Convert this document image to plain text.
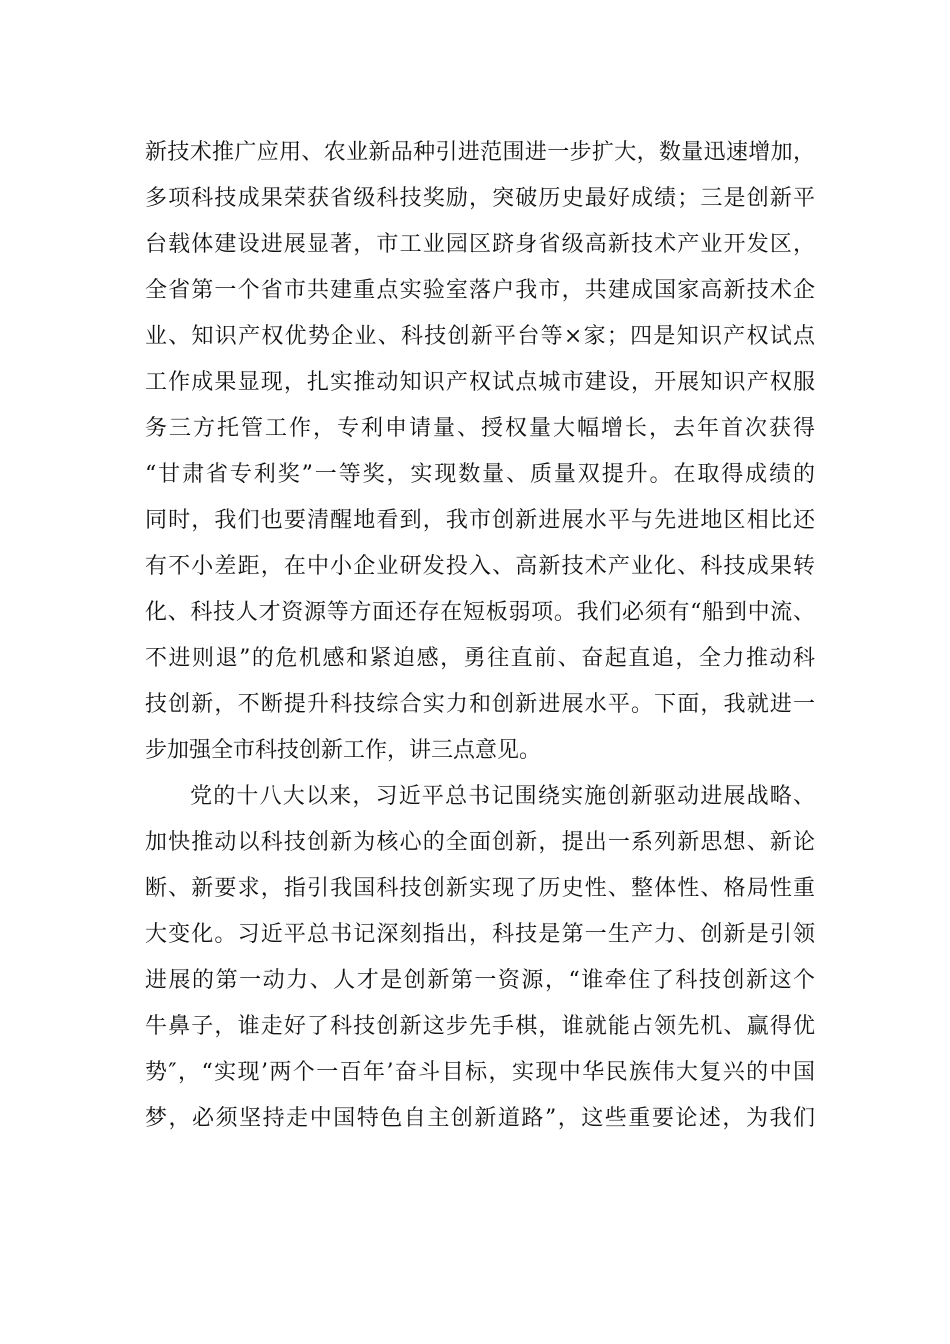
新技术推广应用、农业新品种引进范围进一步扩大，数量迅速增加，
多项科技成果荣获省级科技奖励，突破历史最好成绩；三是创新平
台载体建设进展显著，市工业园区跻身省级高新技术产业开发区，
全省第一个省市共建重点实验室落户我市，共建成国家高新技术企
业、知识产权优势企业、科技创新平台等×家；四是知识产权试点
工作成果显现，扎实推动知识产权试点城市建设，开展知识产权服
务三方托管工作，专利申请量、授权量大幅增长，去年首次获得
“甘肃省专利奖”一等奖，实现数量、质量双提升。在取得成绩的
同时，我们也要清醒地看到，我市创新进展水平与先进地区相比还
有不小差距，在中小企业研发投入、高新技术产业化、科技成果转
化、科技人才资源等方面还存在短板弱项。我们必须有“船到中流、
不进则退”的危机感和紧迫感，勇往直前、奋起直追，全力推动科
技创新，不断提升科技综合实力和创新进展水平。下面，我就进一
步加强全市科技创新工作，讲三点意见。
党的十八大以来，习近平总书记围绕实施创新驱动进展战略、
加快推动以科技创新为核心的全面创新，提出一系列新思想、新论
断、新要求，指引我国科技创新实现了历史性、整体性、格局性重
大变化。习近平总书记深刻指出，科技是第一生产力、创新是引领
进展的第一动力、人才是创新第一资源，“谁牵住了科技创新这个
牛鼻子，谁走好了科技创新这步先手棋，谁就能占领先机、赢得优
势″，“实现’两个一百年’奋斗目标，实现中华民族伟大复兴的中国
梦，必须坚持走中国特色自主创新道路”，这些重要论述，为我们
